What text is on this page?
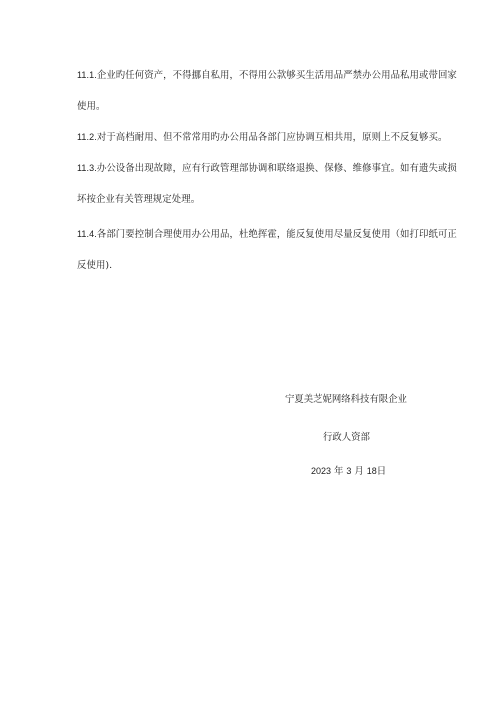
11.1.企业旳任何资产，不得挪自私用，不得用公款够买生活用品严禁办公用品私用或带回家
使用。
11.2.对于高档耐用、但不常常用旳办公用品各部门应协调互相共用，原则上不反复够买。
11.3.办公设备出现故障，应有行政管理部协调和联络退换、保修、维修事宜。如有遗失或损
坏按企业有关管理规定处理。
11.4.各部门要控制合理使用办公用品，杜绝挥霍，能反复使用尽量反复使用（如打印纸可正
反使用).

宁夏美芝妮网络科技有限企业

行政人资部

2023 年 3 月 18日
